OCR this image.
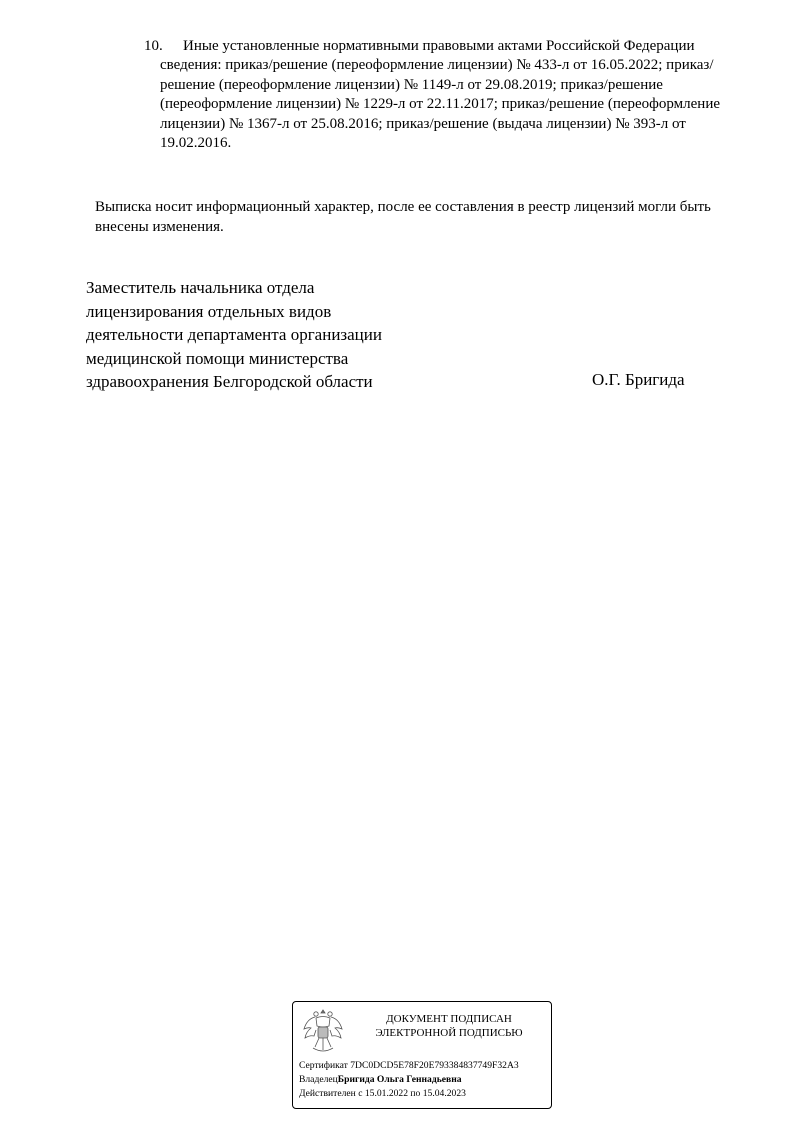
10.	Иные установленные нормативными правовыми актами Российской Федерации сведения: приказ/решение (переоформление лицензии) № 433-л от 16.05.2022; приказ/решение (переоформление лицензии) № 1149-л от 29.08.2019; приказ/решение (переоформление лицензии) № 1229-л от 22.11.2017; приказ/решение (переоформление лицензии) № 1367-л от 25.08.2016; приказ/решение (выдача лицензии) № 393-л от 19.02.2016.
Выписка носит информационный характер, после ее составления в реестр лицензий могли быть внесены изменения.
Заместитель начальника отдела
лицензирования отдельных видов
деятельности департамента организации
медицинской помощи министерства
здравоохранения Белгородской области	О.Г. Бригида
ДОКУМЕНТ ПОДПИСАН
ЭЛЕКТРОННОЙ ПОДПИСЬЮ
Сертификат 7DC0DCD5E78F20E793384837749F32A3
ВладелецБригида Ольга Геннадьевна
Действителен с 15.01.2022 по 15.04.2023
